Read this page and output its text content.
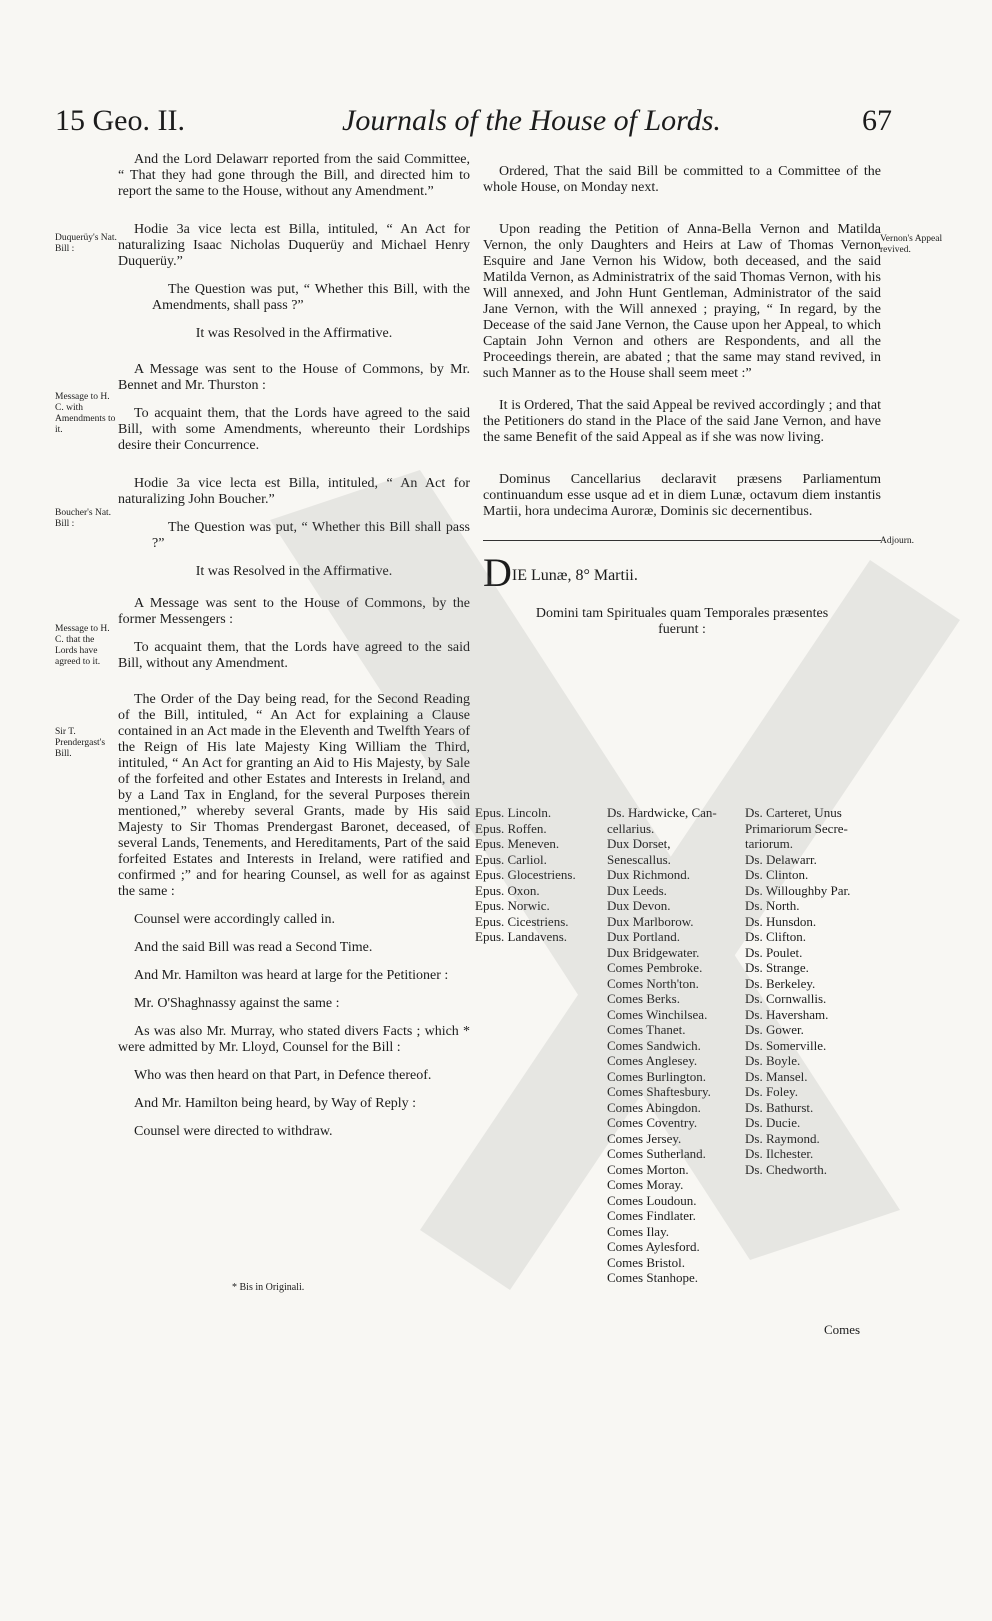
15 Geo. II.	Journals of the House of Lords.	67
Duquerüy's Nat. Bill :
Message to H. C. with Amendments to it.
Boucher's Nat. Bill :
Message to H. C. that the Lords have agreed to it.
Sir T. Prendergast's Bill.
Vernon's Appeal revived.
Adjourn.

And the Lord Delawarr reported from the said Committee, “ That they had gone through the Bill, and directed him to report the same to the House, without any Amendment.”

Hodie 3a vice lecta est Billa, intituled, “ An Act for naturalizing Isaac Nicholas Duquerüy and Michael Henry Duquerüy.”

The Question was put, “ Whether this Bill, with the Amendments, shall pass ?”

It was Resolved in the Affirmative.

A Message was sent to the House of Commons, by Mr. Bennet and Mr. Thurston :

To acquaint them, that the Lords have agreed to the said Bill, with some Amendments, whereunto their Lordships desire their Concurrence.

Hodie 3a vice lecta est Billa, intituled, “ An Act for naturalizing John Boucher.”

The Question was put, “ Whether this Bill shall pass ?”

It was Resolved in the Affirmative.

A Message was sent to the House of Commons, by the former Messengers :

To acquaint them, that the Lords have agreed to the said Bill, without any Amendment.

The Order of the Day being read, for the Second Reading of the Bill, intituled, “ An Act for explaining a Clause contained in an Act made in the Eleventh and Twelfth Years of the Reign of His late Majesty King William the Third, intituled, “ An Act for granting an Aid to His Majesty, by Sale of the forfeited and other Estates and Interests in Ireland, and by a Land Tax in England, for the several Purposes therein mentioned,” whereby several Grants, made by His said Majesty to Sir Thomas Prendergast Baronet, deceased, of several Lands, Tenements, and Hereditaments, Part of the said forfeited Estates and Interests in Ireland, were ratified and confirmed ;” and for hearing Counsel, as well for as against the same :

Counsel were accordingly called in.

And the said Bill was read a Second Time.

And Mr. Hamilton was heard at large for the Petitioner :

Mr. O'Shaghnassy against the same :

As was also Mr. Murray, who stated divers Facts ; which * were admitted by Mr. Lloyd, Counsel for the Bill :

Who was then heard on that Part, in Defence thereof.

And Mr. Hamilton being heard, by Way of Reply :

Counsel were directed to withdraw.

* Bis in Originali.

Ordered, That the said Bill be committed to a Committee of the whole House, on Monday next.

Upon reading the Petition of Anna-Bella Vernon and Matilda Vernon, the only Daughters and Heirs at Law of Thomas Vernon Esquire and Jane Vernon his Widow, both deceased, and the said Matilda Vernon, as Administratrix of the said Thomas Vernon, with his Will annexed, and John Hunt Gentleman, Administrator of the said Jane Vernon, with the Will annexed ; praying, “ In regard, by the Decease of the said Jane Vernon, the Cause upon her Appeal, to which Captain John Vernon and others are Respondents, and all the Proceedings therein, are abated ; that the same may stand revived, in such Manner as to the House shall seem meet :”

It is Ordered, That the said Appeal be revived accordingly ; and that the Petitioners do stand in the Place of the said Jane Vernon, and have the same Benefit of the said Appeal as if she was now living.

Dominus Cancellarius declaravit præsens Parliamentum continuandum esse usque ad et in diem Lunæ, octavum diem instantis Martii, hora undecima Auroræ, Dominis sic decernentibus.

DIE Lunæ, 8° Martii.

Domini tam Spirituales quam Temporales præsentes fuerunt :

Epus. Lincoln.
Epus. Roffen.
Epus. Meneven.
Epus. Carliol.
Epus. Glocestriens.
Epus. Oxon.
Epus. Norwic.
Epus. Cicestriens.
Epus. Landavens.
Ds. Hardwicke, Can-
cellarius.
Dux Dorset,
Senescallus.
Dux Richmond.
Dux Leeds.
Dux Devon.
Dux Marlborow.
Dux Portland.
Dux Bridgewater.
Comes Pembroke.
Comes North'ton.
Comes Berks.
Comes Winchilsea.
Comes Thanet.
Comes Sandwich.
Comes Anglesey.
Comes Burlington.
Comes Shaftesbury.
Comes Abingdon.
Comes Coventry.
Comes Jersey.
Comes Sutherland.
Comes Morton.
Comes Moray.
Comes Loudoun.
Comes Findlater.
Comes Ilay.
Comes Aylesford.
Comes Bristol.
Comes Stanhope.
Ds. Carteret, Unus
Primariorum Secre-
tariorum.
Ds. Delawarr.
Ds. Clinton.
Ds. Willoughby Par.
Ds. North.
Ds. Hunsdon.
Ds. Clifton.
Ds. Poulet.
Ds. Strange.
Ds. Berkeley.
Ds. Cornwallis.
Ds. Haversham.
Ds. Gower.
Ds. Somerville.
Ds. Boyle.
Ds. Mansel.
Ds. Foley.
Ds. Bathurst.
Ds. Ducie.
Ds. Raymond.
Ds. Ilchester.
Ds. Chedworth.
Comes
